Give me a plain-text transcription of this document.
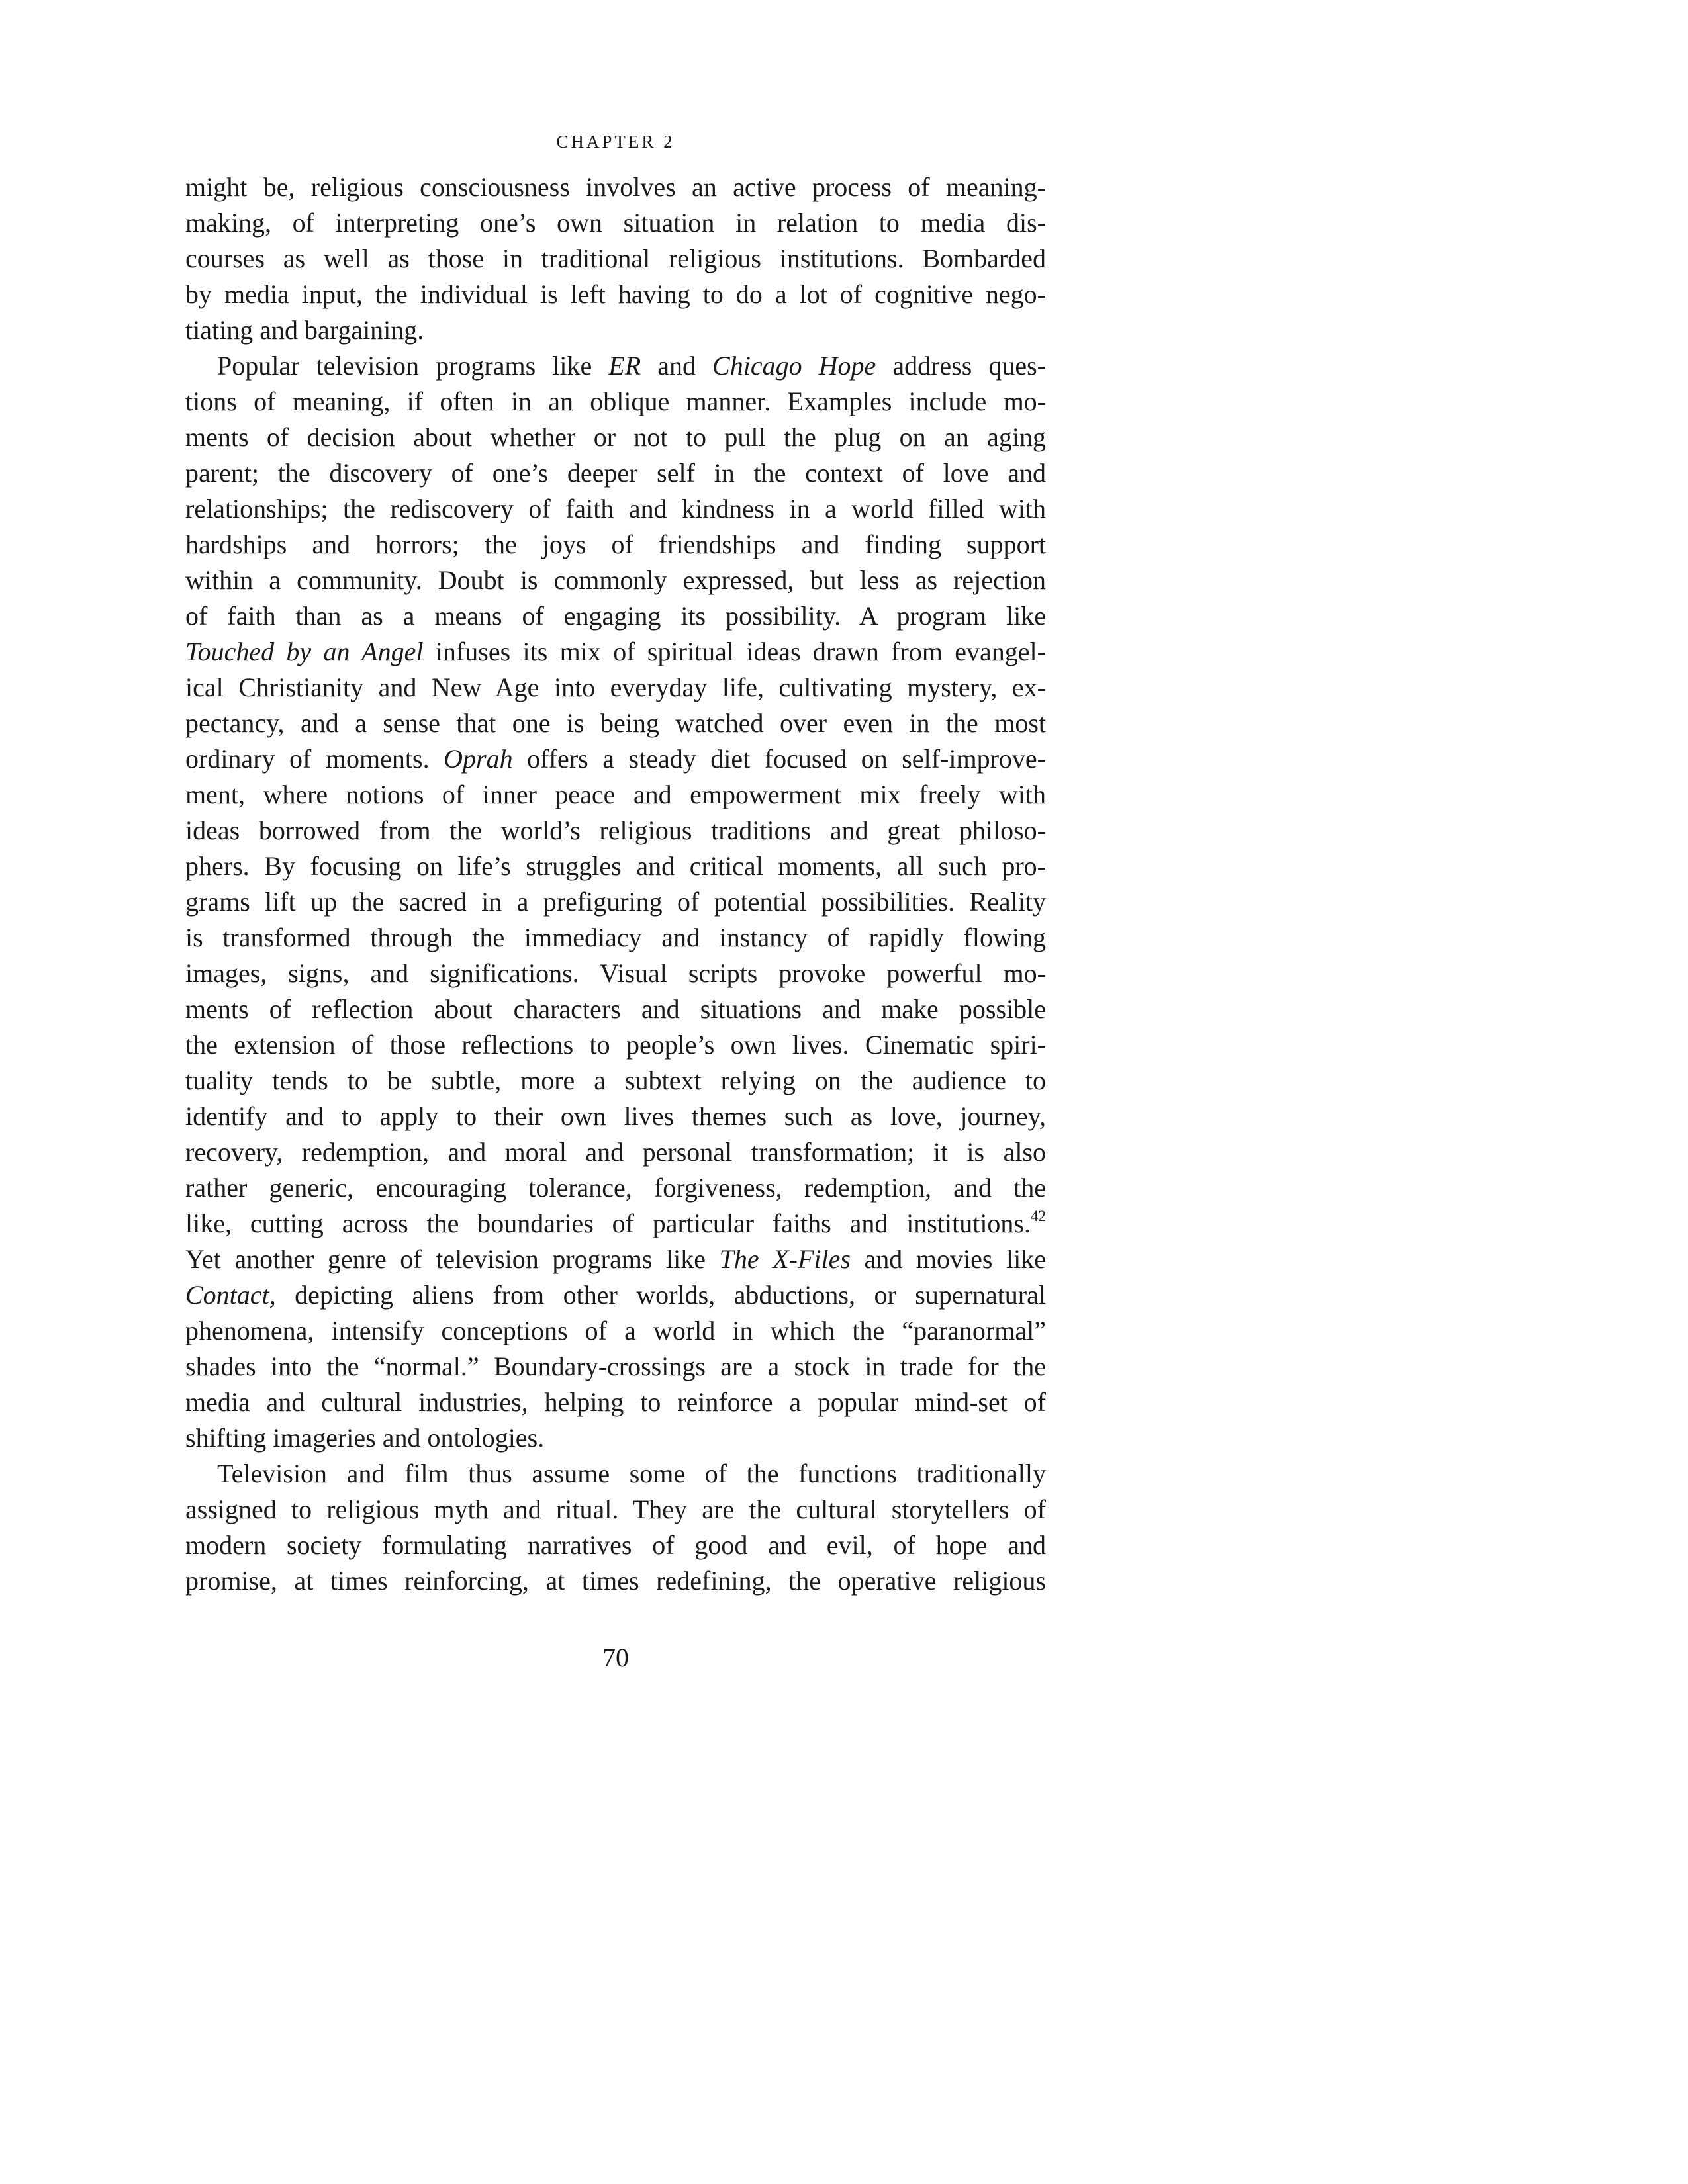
CHAPTER 2
might be, religious consciousness involves an active process of meaning-
making, of interpreting one’s own situation in relation to media dis-
courses as well as those in traditional religious institutions. Bombarded
by media input, the individual is left having to do a lot of cognitive nego-
tiating and bargaining.
Popular television programs like ER and Chicago Hope address ques-
tions of meaning, if often in an oblique manner. Examples include mo-
ments of decision about whether or not to pull the plug on an aging
parent; the discovery of one’s deeper self in the context of love and
relationships; the rediscovery of faith and kindness in a world filled with
hardships and horrors; the joys of friendships and finding support
within a community. Doubt is commonly expressed, but less as rejection
of faith than as a means of engaging its possibility. A program like
Touched by an Angel infuses its mix of spiritual ideas drawn from evangel-
ical Christianity and New Age into everyday life, cultivating mystery, ex-
pectancy, and a sense that one is being watched over even in the most
ordinary of moments. Oprah offers a steady diet focused on self-improve-
ment, where notions of inner peace and empowerment mix freely with
ideas borrowed from the world’s religious traditions and great philoso-
phers. By focusing on life’s struggles and critical moments, all such pro-
grams lift up the sacred in a prefiguring of potential possibilities. Reality
is transformed through the immediacy and instancy of rapidly flowing
images, signs, and significations. Visual scripts provoke powerful mo-
ments of reflection about characters and situations and make possible
the extension of those reflections to people’s own lives. Cinematic spiri-
tuality tends to be subtle, more a subtext relying on the audience to
identify and to apply to their own lives themes such as love, journey,
recovery, redemption, and moral and personal transformation; it is also
rather generic, encouraging tolerance, forgiveness, redemption, and the
like, cutting across the boundaries of particular faiths and institutions.$^{42}$
Yet another genre of television programs like The X-Files and movies like
Contact, depicting aliens from other worlds, abductions, or supernatural
phenomena, intensify conceptions of a world in which the “paranormal”
shades into the “normal.” Boundary-crossings are a stock in trade for the
media and cultural industries, helping to reinforce a popular mind-set of
shifting imageries and ontologies.
Television and film thus assume some of the functions traditionally
assigned to religious myth and ritual. They are the cultural storytellers of
modern society formulating narratives of good and evil, of hope and
promise, at times reinforcing, at times redefining, the operative religious
70
